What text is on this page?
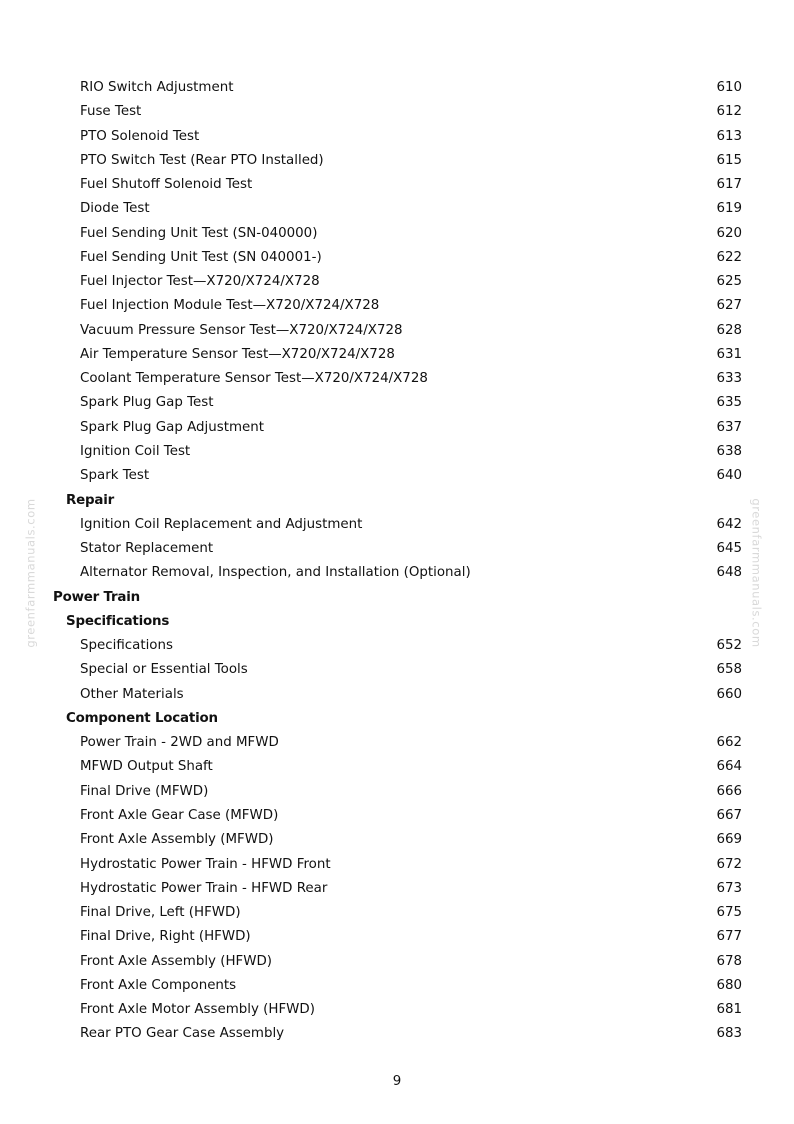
RIO Switch Adjustment	610
Fuse Test	612
PTO Solenoid Test	613
PTO Switch Test (Rear PTO Installed)	615
Fuel Shutoff Solenoid Test	617
Diode Test	619
Fuel Sending Unit Test (SN-040000)	620
Fuel Sending Unit Test (SN 040001-)	622
Fuel Injector Test—X720/X724/X728	625
Fuel Injection Module Test—X720/X724/X728	627
Vacuum Pressure Sensor Test—X720/X724/X728	628
Air Temperature Sensor Test—X720/X724/X728	631
Coolant Temperature Sensor Test—X720/X724/X728	633
Spark Plug Gap Test	635
Spark Plug Gap Adjustment	637
Ignition Coil Test	638
Spark Test	640
Repair
Ignition Coil Replacement and Adjustment	642
Stator Replacement	645
Alternator Removal, Inspection, and Installation (Optional)	648
Power Train
Specifications
Specifications	652
Special or Essential Tools	658
Other Materials	660
Component Location
Power Train - 2WD and MFWD	662
MFWD Output Shaft	664
Final Drive (MFWD)	666
Front Axle Gear Case (MFWD)	667
Front Axle Assembly (MFWD)	669
Hydrostatic Power Train - HFWD Front	672
Hydrostatic Power Train - HFWD Rear	673
Final Drive, Left (HFWD)	675
Final Drive, Right (HFWD)	677
Front Axle Assembly (HFWD)	678
Front Axle Components	680
Front Axle Motor Assembly (HFWD)	681
Rear PTO Gear Case Assembly	683
greenfarmmanuals.com	greenfarmmanuals.com
9
